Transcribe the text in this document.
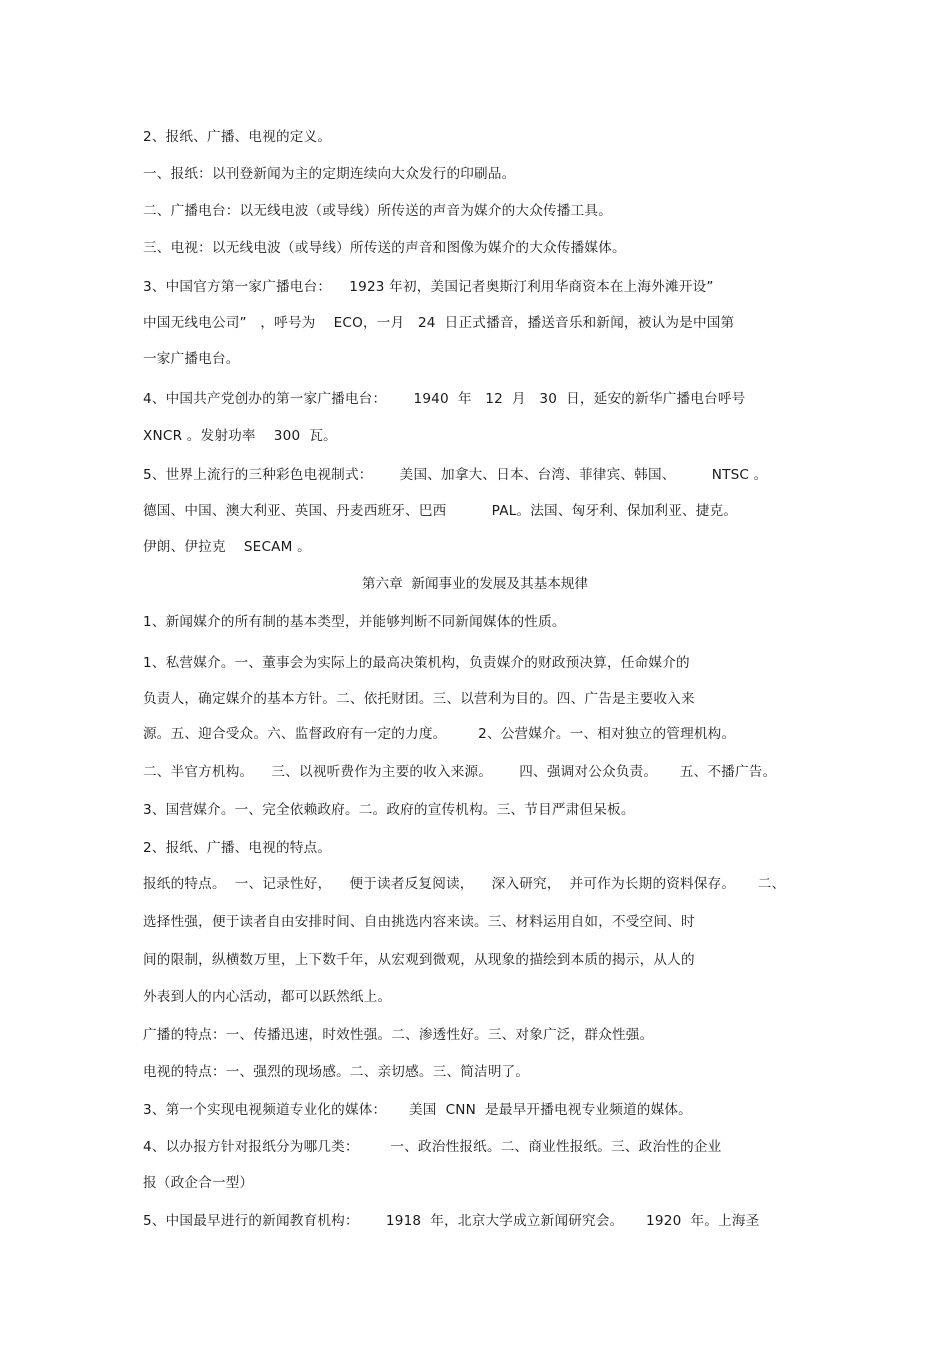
2、报纸、广播、电视的定义。
一、报纸：以刊登新闻为主的定期连续向大众发行的印刷品。
二、广播电台：以无线电波（或导线）所传送的声音为媒介的大众传播工具。
三、电视：以无线电波（或导线）所传送的声音和图像为媒介的大众传播媒体。
3、中国官方第一家广播电台：    1923 年初，美国记者奥斯汀利用华商资本在上海外滩开设”
中国无线电公司”   ，呼号为    ECO，一月   24  日正式播音，播送音乐和新闻，被认为是中国第
一家广播电台。
4、中国共产党创办的第一家广播电台：      1940  年   12  月   30  日，延安的新华广播电台呼号
XNCR 。发射功率    300  瓦。
5、世界上流行的三种彩色电视制式：      美国、加拿大、日本、台湾、菲律宾、韩国、        NTSC 。
德国、中国、澳大利亚、英国、丹麦西班牙、巴西          PAL。法国、匈牙利、保加利亚、捷克。
伊朗、伊拉克    SECAM 。
第六章  新闻事业的发展及其基本规律
1、新闻媒介的所有制的基本类型，并能够判断不同新闻媒体的性质。
1、私营媒介。一、董事会为实际上的最高决策机构，负责媒介的财政预决算，任命媒介的
负责人，确定媒介的基本方针。二、依托财团。三、以营利为目的。四、广告是主要收入来
源。五、迎合受众。六、监督政府有一定的力度。       2、公营媒介。一、相对独立的管理机构。
二、半官方机构。    三、以视听费作为主要的收入来源。      四、强调对公众负责。     五、不播广告。
3、国营媒介。一、完全依赖政府。二。政府的宣传机构。三、节目严肃但呆板。
2、报纸、广播、电视的特点。
报纸的特点。  一、记录性好，    便于读者反复阅读，    深入研究，  并可作为长期的资料保存。     二、
选择性强，便于读者自由安排时间、自由挑选内容来读。三、材料运用自如，不受空间、时
间的限制，纵横数万里，上下数千年，从宏观到微观，从现象的描绘到本质的揭示，从人的
外表到人的内心活动，都可以跃然纸上。
广播的特点：一、传播迅速，时效性强。二、渗透性好。三、对象广泛，群众性强。
电视的特点：一、强烈的现场感。二、亲切感。三、简洁明了。
3、第一个实现电视频道专业化的媒体：     美国  CNN  是最早开播电视专业频道的媒体。
4、以办报方针对报纸分为哪几类：       一、政治性报纸。二、商业性报纸。三、政治性的企业
报（政企合一型）
5、中国最早进行的新闻教育机构：      1918  年，北京大学成立新闻研究会。     1920  年。上海圣
